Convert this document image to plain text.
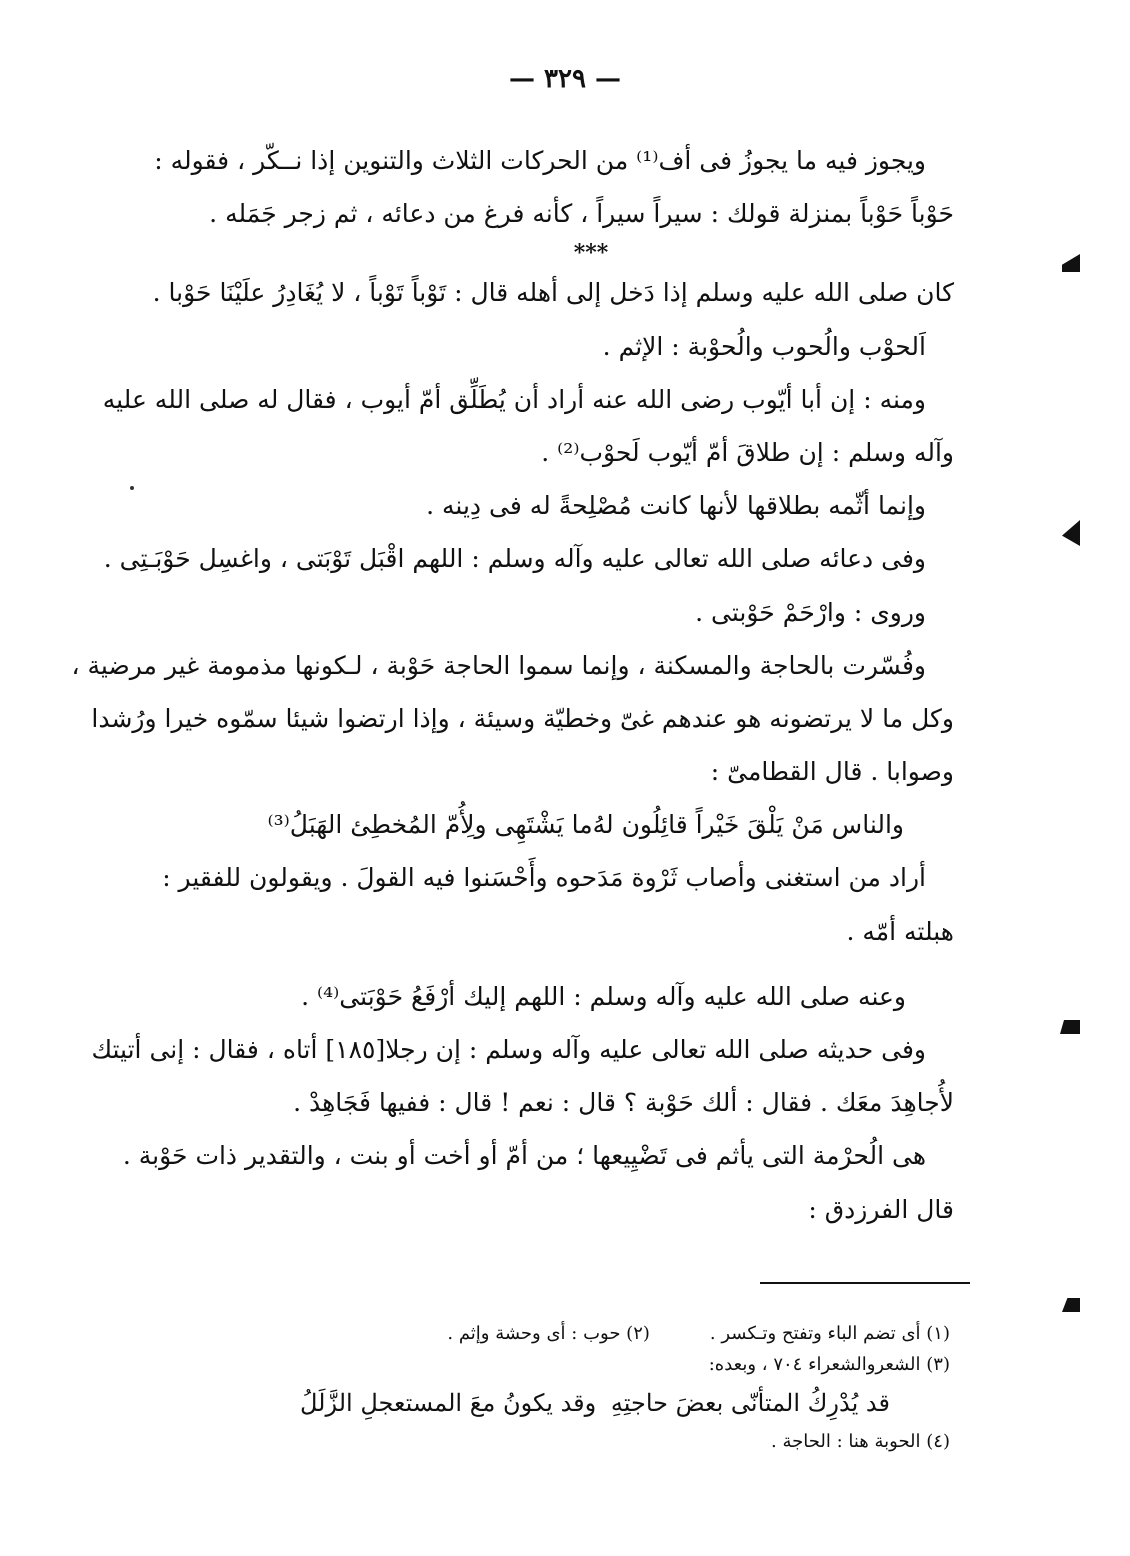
— ٣٢٩ —
ويجوز فيه ما يجوزُ فى أف⁽¹⁾ من الحركات الثلاث والتنوين إذا نــكّر ، فقوله :
حَوْباً حَوْباً بمنزلة قولك : سيراً سيراً ، كأنه فرغ من دعائه ، ثم زجر جَمَله .
***
كان صلى الله عليه وسلم إذا دَخل إلى أهله قال : تَوْباً تَوْباً ، لا يُغَادِرُ علَيْنَا حَوْبا .
اَلحوْب والُحوب والُحوْبة : الإثم .
ومنه : إن أبا أيّوب رضى الله عنه أراد أن يُطَلِّق أمّ أيوب ، فقال له صلى الله عليه
وآله وسلم : إن طلاقَ أمّ أيّوب لَحوْب⁽²⁾ .
وإنما أثّمه بطلاقها لأنها كانت مُصْلِحةً له فى دِينه .
وفى دعائه صلى الله تعالى عليه وآله وسلم : اللهم اقْبَل تَوْبَتى ، واغسِل حَوْبَـتِى .
وروى : وارْحَمْ حَوْبتى .
وفُسّرت بالحاجة والمسكنة ، وإنما سموا الحاجة حَوْبة ، لـكونها مذمومة غير مرضية ،
وكل ما لا يرتضونه هو عندهم غىّ وخطيّة وسيئة ، وإذا ارتضوا شيئا سمّوه خيرا ورُشدا
وصوابا . قال القطامىّ :
والناس مَنْ يَلْقَ خَيْراً قائِلُون لهُ
ما يَشْتَهِى ولِأُمّ المُخطِئ الهَبَلُ⁽³⁾
أراد من استغنى وأصاب ثَرْوة مَدَحوه وأَحْسَنوا فيه القولَ . ويقولون للفقير :
هبلته أمّه .
وعنه صلى الله عليه وآله وسلم : اللهم إليك أرْفَعُ حَوْبَتى⁽⁴⁾ .
وفى حديثه صلى الله تعالى عليه وآله وسلم : إن رجلا[١٨٥] أتاه ، فقال : إنى أتيتك
لأُجاهِدَ معَك . فقال : ألك حَوْبة ؟ قال : نعم ! قال : ففيها فَجَاهِدْ .
هى الُحرْمة التى يأثم فى تَضْيِيعها ؛ من أمّ أو أخت أو بنت ، والتقدير ذات حَوْبة .
قال الفرزدق :
(١) أى تضم الباء وتفتح وتـكسر .
(٢) حوب : أى وحشة وإثم .
(٣) الشعروالشعراء ٧٠٤ ، وبعده:
قد يُدْرِكُ المتأنّى بعضَ حاجتِهِ
وقد يكونُ معَ المستعجلِ الزَّلَلُ
(٤) الحوبة هنا : الحاجة .
